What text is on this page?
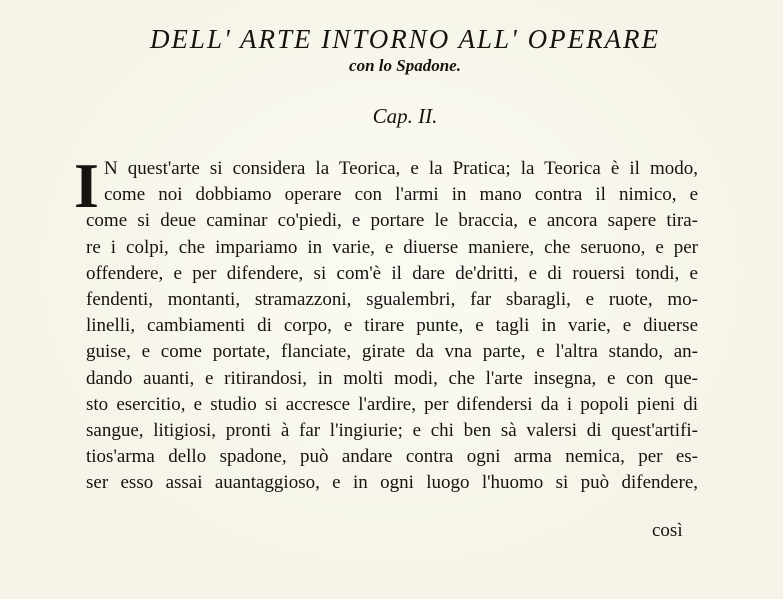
DELL' ARTE INTORNO ALL' OPERARE
con lo Spadone.
Cap. II.
I N quest'arte si considera la Teorica, e la Pratica; la Teorica è il modo,
come noi dobbiamo operare con l'armi in mano contra il nimico, e
come si deue caminar co'piedi, e portare le braccia, e ancora sapere tira-
re i colpi, che impariamo in varie, e diuerse maniere, che seruono, e per
offendere, e per difendere, si com'è il dare de'dritti, e di rouersi tondi, e
fendenti, montanti, stramazzoni, sgualembri, far sbaragli, e ruote, mo-
linelli, cambiamenti di corpo, e tirare punte, e tagli in varie, e diuerse
guise, e come portate, flanciate, girate da vna parte, e l'altra stando, an-
dando auanti, e ritirandosi, in molti modi, che l'arte insegna, e con que-
sto esercitio, e studio si accresce l'ardire, per difendersi da i popoli pieni di
sangue, litigiosi, pronti à far l'ingiurie; e chi ben sà valersi di quest'artifi-
tios'arma dello spadone, può andare contra ogni arma nemica, per es-
ser esso assai auantaggioso, e in ogni luogo l'huomo si può difendere,
così
